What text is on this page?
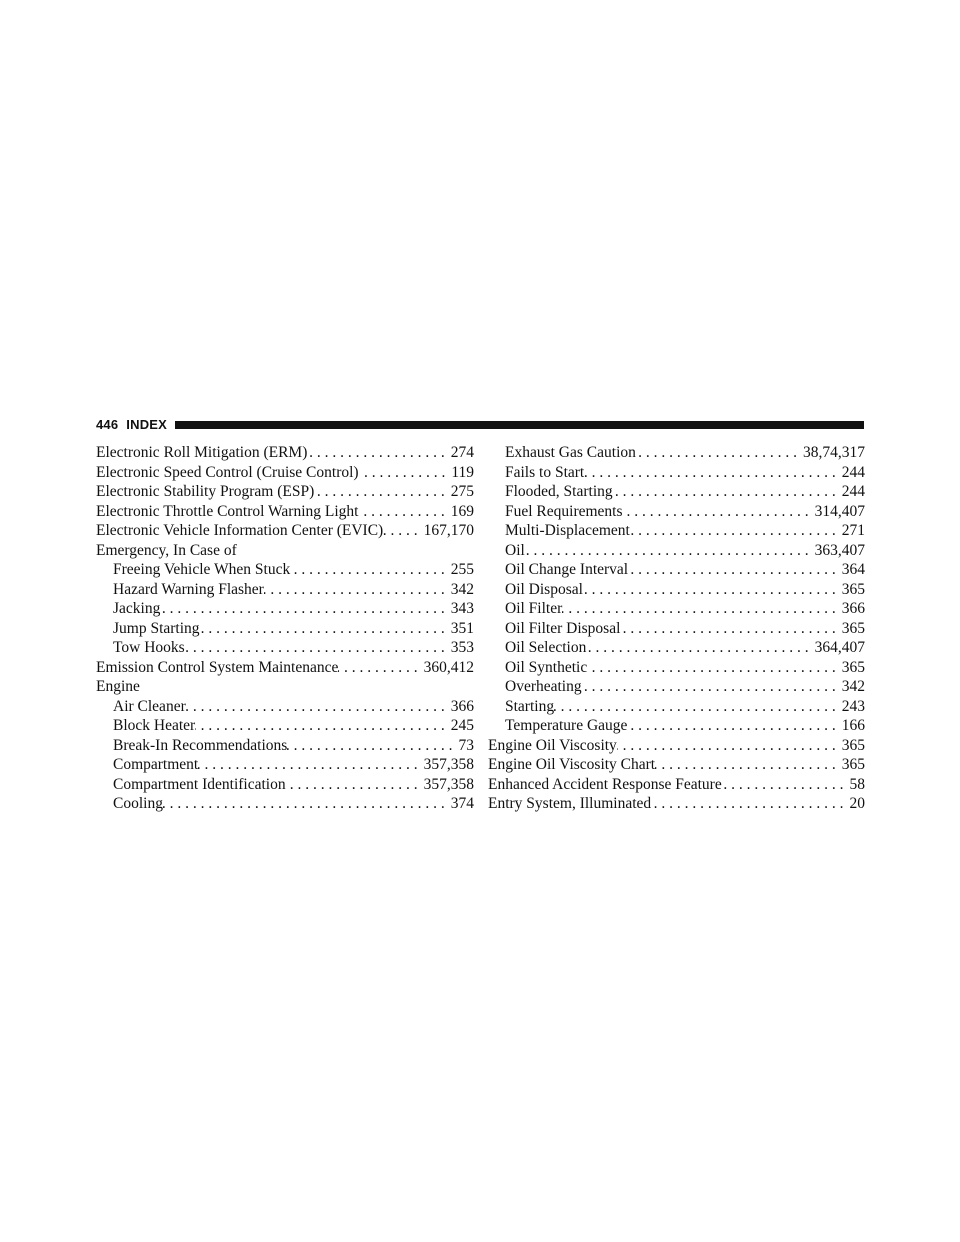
446 INDEX
Electronic Roll Mitigation (ERM) . . .	274
Electronic Speed Control (Cruise Control) . . .	119
Electronic Stability Program (ESP) . . .	275
Electronic Throttle Control Warning Light . . .	169
Electronic Vehicle Information Center (EVIC) . . .	167,170
Emergency, In Case of
Freeing Vehicle When Stuck . . .	255
Hazard Warning Flasher . . .	342
Jacking . . .	343
Jump Starting . . .	351
Tow Hooks . . .	353
Emission Control System Maintenance . . .	360,412
Engine
Air Cleaner . . .	366
Block Heater . . .	245
Break-In Recommendations . . .	73
Compartment . . .	357,358
Compartment Identification . . .	357,358
Cooling . . .	374
Exhaust Gas Caution . . .	38,74,317
Fails to Start . . .	244
Flooded, Starting . . .	244
Fuel Requirements . . .	314,407
Multi-Displacement . . .	271
Oil . . .	363,407
Oil Change Interval . . .	364
Oil Disposal . . .	365
Oil Filter . . .	366
Oil Filter Disposal . . .	365
Oil Selection . . .	364,407
Oil Synthetic . . .	365
Overheating . . .	342
Starting . . .	243
Temperature Gauge . . .	166
Engine Oil Viscosity . . .	365
Engine Oil Viscosity Chart . . .	365
Enhanced Accident Response Feature . . .	58
Entry System, Illuminated . . .	20
